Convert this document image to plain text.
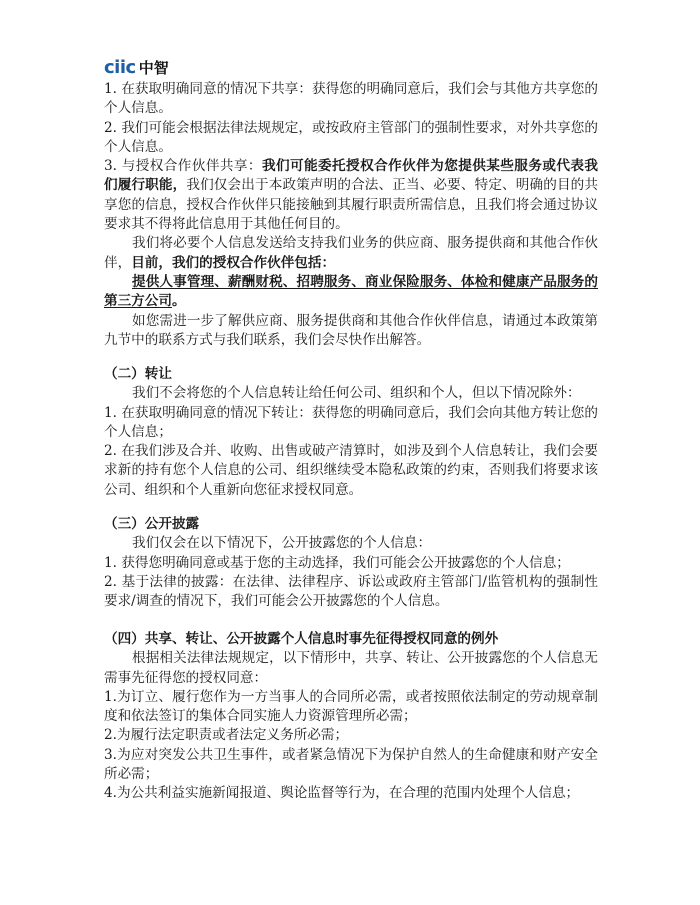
ciic 中智
1. 在获取明确同意的情况下共享：获得您的明确同意后，我们会与其他方共享您的
个人信息。
2. 我们可能会根据法律法规规定，或按政府主管部门的强制性要求，对外共享您的
个人信息。
3. 与授权合作伙伴共享：我们可能委托授权合作伙伴为您提供某些服务或代表我
们履行职能，我们仅会出于本政策声明的合法、正当、必要、特定、明确的目的共
享您的信息，授权合作伙伴只能接触到其履行职责所需信息，且我们将会通过协议
要求其不得将此信息用于其他任何目的。
我们将必要个人信息发送给支持我们业务的供应商、服务提供商和其他合作伙
伴，目前，我们的授权合作伙伴包括：
提供人事管理、薪酬财税、招聘服务、商业保险服务、体检和健康产品服务的
第三方公司。
如您需进一步了解供应商、服务提供商和其他合作伙伴信息，请通过本政策第
九节中的联系方式与我们联系，我们会尽快作出解答。
（二）转让
我们不会将您的个人信息转让给任何公司、组织和个人，但以下情况除外：
1. 在获取明确同意的情况下转让：获得您的明确同意后，我们会向其他方转让您的
个人信息；
2. 在我们涉及合并、收购、出售或破产清算时，如涉及到个人信息转让，我们会要
求新的持有您个人信息的公司、组织继续受本隐私政策的约束，否则我们将要求该
公司、组织和个人重新向您征求授权同意。
（三）公开披露
我们仅会在以下情况下，公开披露您的个人信息：
1. 获得您明确同意或基于您的主动选择，我们可能会公开披露您的个人信息；
2. 基于法律的披露：在法律、法律程序、诉讼或政府主管部门/监管机构的强制性
要求/调查的情况下，我们可能会公开披露您的个人信息。
（四）共享、转让、公开披露个人信息时事先征得授权同意的例外
根据相关法律法规规定，以下情形中，共享、转让、公开披露您的个人信息无
需事先征得您的授权同意：
1.为订立、履行您作为一方当事人的合同所必需，或者按照依法制定的劳动规章制
度和依法签订的集体合同实施人力资源管理所必需；
2.为履行法定职责或者法定义务所必需；
3.为应对突发公共卫生事件，或者紧急情况下为保护自然人的生命健康和财产安全
所必需；
4.为公共利益实施新闻报道、舆论监督等行为，在合理的范围内处理个人信息；
